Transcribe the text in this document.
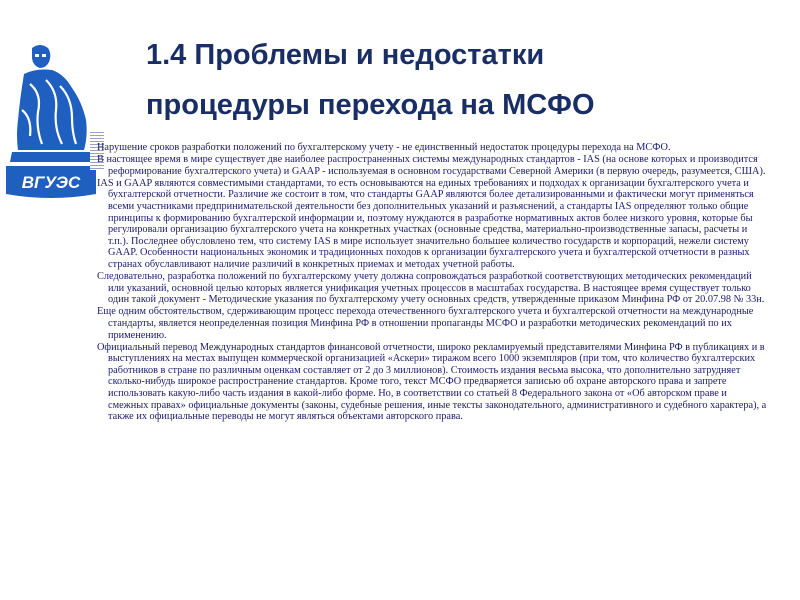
ВГУЭС
1.4 Проблемы и недостатки
процедуры перехода на МСФО

Нарушение сроков разработки положений по бухгалтерскому учету - не единственный недостаток процедуры перехода на МСФО.

В настоящее время в мире существует две наиболее распространенных системы международных стандартов - IAS (на основе которых и производится реформирование бухгалтерского учета) и GAAP - используемая в основном государствами Северной Америки (в первую очередь, разумеется, США).

IAS и GAAP являются совместимыми стандартами, то есть основываются на единых требованиях и подходах к организации бухгалтерского учета и бухгалтерской отчетности. Различие же состоит в том, что стандарты GAAP являются более детализированными и фактически могут применяться всеми участниками предпринимательской деятельности без дополнительных указаний и разъяснений, а стандарты IAS определяют только общие принципы к формированию бухгалтерской информации и, поэтому нуждаются в разработке нормативных актов более низкого уровня, которые бы регулировали организацию бухгалтерского учета на конкретных участках (основные средства, материально-производственные запасы, расчеты и т.п.). Последнее обусловлено тем, что систему IAS в мире использует значительно большее количество государств и корпораций, нежели систему GAAP. Особенности национальных экономик и традиционных походов к организации бухгалтерского учета и бухгалтерской отчетности в разных странах обуславливают наличие различий в конкретных приемах и методах учетной работы.

Следовательно, разработка положений по бухгалтерскому учету должна сопровождаться разработкой соответствующих методических рекомендаций или указаний, основной целью которых является унификация учетных процессов в масштабах государства. В настоящее время существует только один такой документ - Методические указания по бухгалтерскому учету основных средств, утвержденные приказом Минфина РФ от 20.07.98 № 33н.

Еще одним обстоятельством, сдерживающим процесс перехода отечественного бухгалтерского учета и бухгалтерской отчетности на международные стандарты, является неопределенная позиция Минфина РФ в отношении пропаганды МСФО и разработки методических рекомендаций по их применению.

Официальный перевод Международных стандартов финансовой отчетности, широко рекламируемый представителями Минфина РФ в публикациях и в выступлениях на местах выпущен коммерческой организацией «Аскери» тиражом всего 1000 экземпляров (при том, что количество бухгалтерских работников в стране по различным оценкам составляет от 2 до 3 миллионов). Стоимость издания весьма высока, что дополнительно затрудняет сколько-нибудь широкое распространение стандартов. Кроме того, текст МСФО предваряется записью об охране авторского права и запрете использовать какую-либо часть издания в какой-либо форме. Но, в соответствии со статьей 8 Федерального закона от «Об авторском праве и смежных правах» официальные документы (законы, судебные решения, иные тексты законодательного, административного и судебного характера), а также их официальные переводы не могут являться объектами авторского права.
